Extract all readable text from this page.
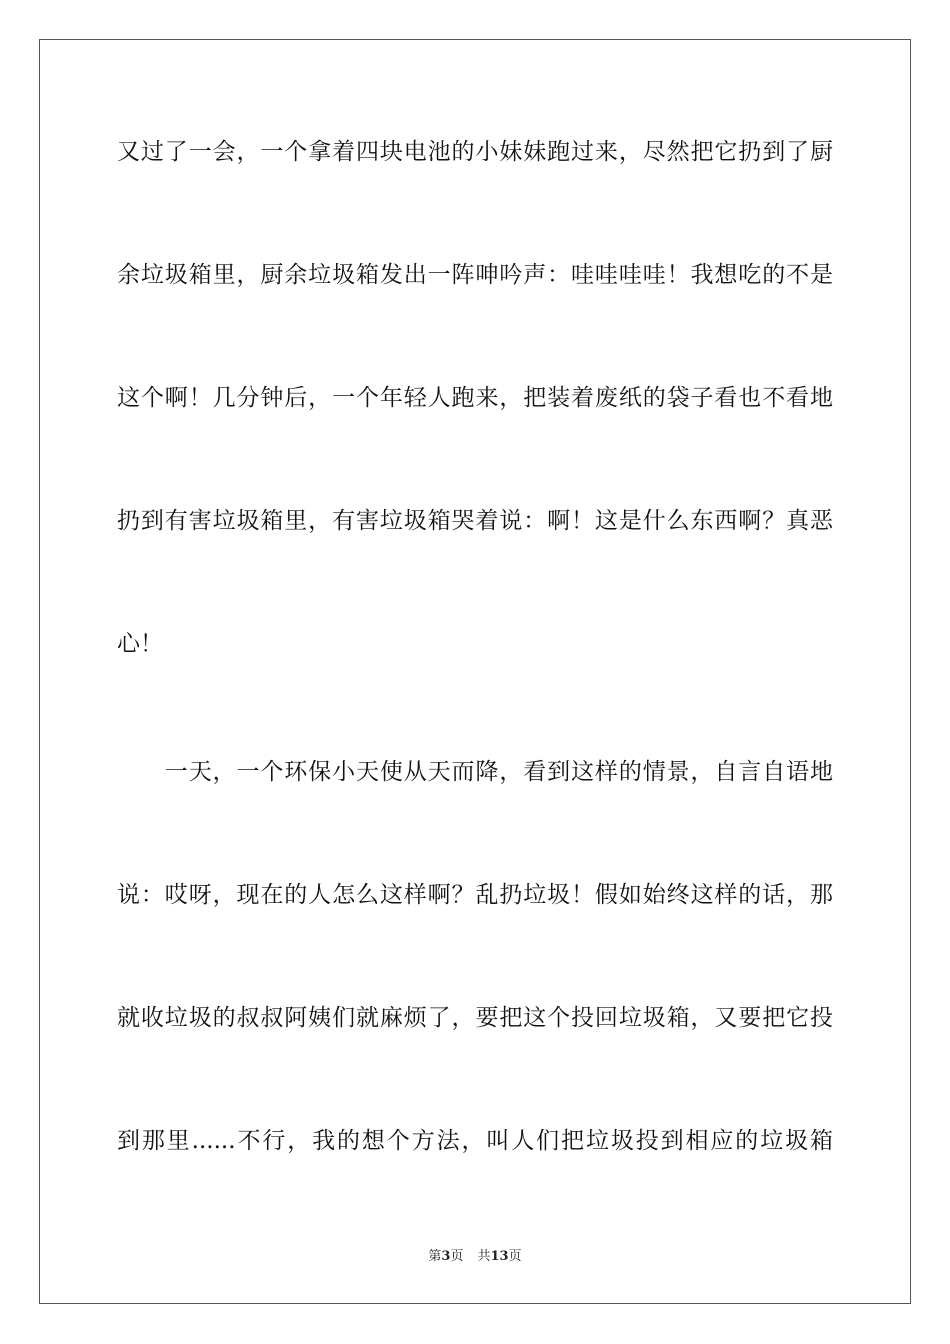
又过了一会，一个拿着四块电池的小妹妹跑过来，尽然把它扔到了厨
余垃圾箱里，厨余垃圾箱发出一阵呻吟声：哇哇哇哇！我想吃的不是
这个啊！几分钟后，一个年轻人跑来，把装着废纸的袋子看也不看地
扔到有害垃圾箱里，有害垃圾箱哭着说：啊！这是什么东西啊？真恶
心！
　　一天，一个环保小天使从天而降，看到这样的情景，自言自语地
说：哎呀，现在的人怎么这样啊？乱扔垃圾！假如始终这样的话，那
就收垃圾的叔叔阿姨们就麻烦了，要把这个投回垃圾箱，又要把它投
到那里......不行，我的想个方法，叫人们把垃圾投到相应的垃圾箱
第3页 共13页
